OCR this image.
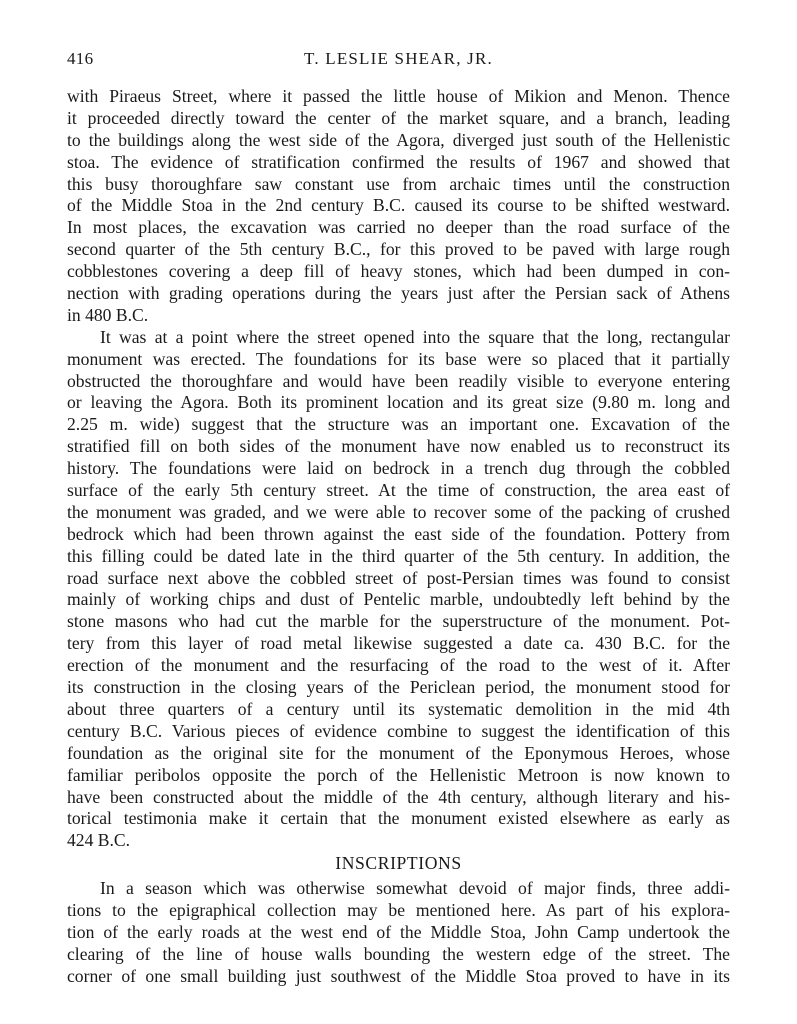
416	T. LESLIE SHEAR, JR.
with Piraeus Street, where it passed the little house of Mikion and Menon. Thence
it proceeded directly toward the center of the market square, and a branch, leading
to the buildings along the west side of the Agora, diverged just south of the Hellenistic
stoa. The evidence of stratification confirmed the results of 1967 and showed that
this busy thoroughfare saw constant use from archaic times until the construction
of the Middle Stoa in the 2nd century B.C. caused its course to be shifted westward.
In most places, the excavation was carried no deeper than the road surface of the
second quarter of the 5th century B.C., for this proved to be paved with large rough
cobblestones covering a deep fill of heavy stones, which had been dumped in con-
nection with grading operations during the years just after the Persian sack of Athens
in 480 B.C.
It was at a point where the street opened into the square that the long, rectangular
monument was erected. The foundations for its base were so placed that it partially
obstructed the thoroughfare and would have been readily visible to everyone entering
or leaving the Agora. Both its prominent location and its great size (9.80 m. long and
2.25 m. wide) suggest that the structure was an important one. Excavation of the
stratified fill on both sides of the monument have now enabled us to reconstruct its
history. The foundations were laid on bedrock in a trench dug through the cobbled
surface of the early 5th century street. At the time of construction, the area east of
the monument was graded, and we were able to recover some of the packing of crushed
bedrock which had been thrown against the east side of the foundation. Pottery from
this filling could be dated late in the third quarter of the 5th century. In addition, the
road surface next above the cobbled street of post-Persian times was found to consist
mainly of working chips and dust of Pentelic marble, undoubtedly left behind by the
stone masons who had cut the marble for the superstructure of the monument. Pot-
tery from this layer of road metal likewise suggested a date ca. 430 B.C. for the
erection of the monument and the resurfacing of the road to the west of it. After
its construction in the closing years of the Periclean period, the monument stood for
about three quarters of a century until its systematic demolition in the mid 4th
century B.C. Various pieces of evidence combine to suggest the identification of this
foundation as the original site for the monument of the Eponymous Heroes, whose
familiar peribolos opposite the porch of the Hellenistic Metroon is now known to
have been constructed about the middle of the 4th century, although literary and his-
torical testimonia make it certain that the monument existed elsewhere as early as
424 B.C.
INSCRIPTIONS
In a season which was otherwise somewhat devoid of major finds, three addi-
tions to the epigraphical collection may be mentioned here. As part of his explora-
tion of the early roads at the west end of the Middle Stoa, John Camp undertook the
clearing of the line of house walls bounding the western edge of the street. The
corner of one small building just southwest of the Middle Stoa proved to have in its
